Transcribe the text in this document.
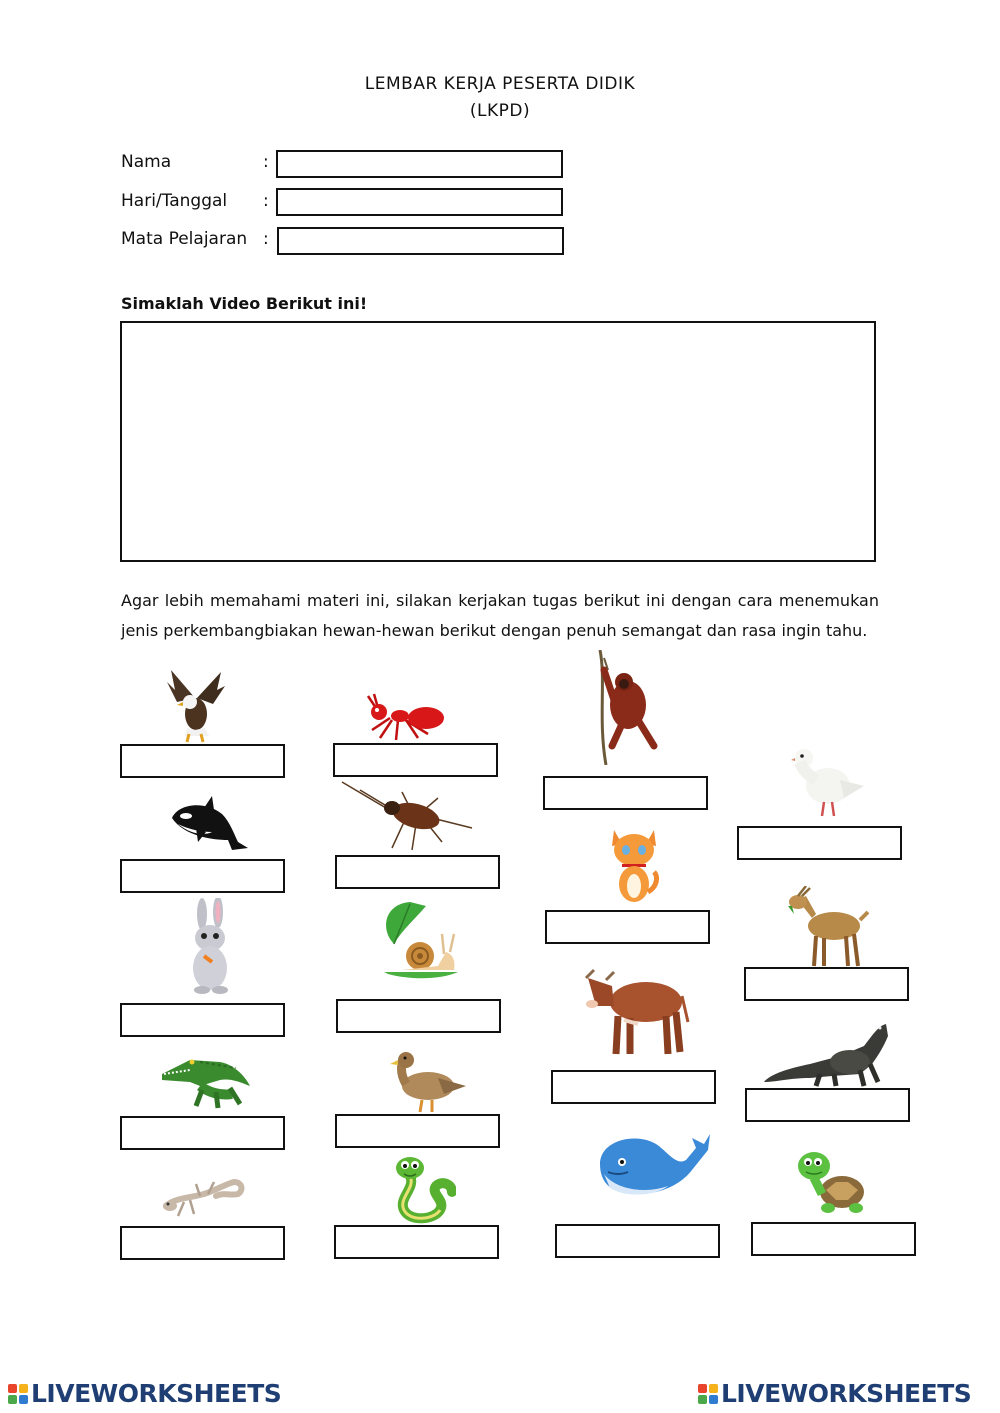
LEMBAR KERJA PESERTA DIDIK
(LKPD)
Nama	:
Hari/Tanggal :
Mata Pelajaran :
Simaklah Video Berikut ini!
Agar lebih memahami materi ini, silakan kerjakan tugas berikut ini dengan cara menemukan jenis perkembangbiakan hewan-hewan berikut dengan penuh semangat dan rasa ingin tahu.
LIVEWORKSHEETS	LIVEWORKSHEETS
